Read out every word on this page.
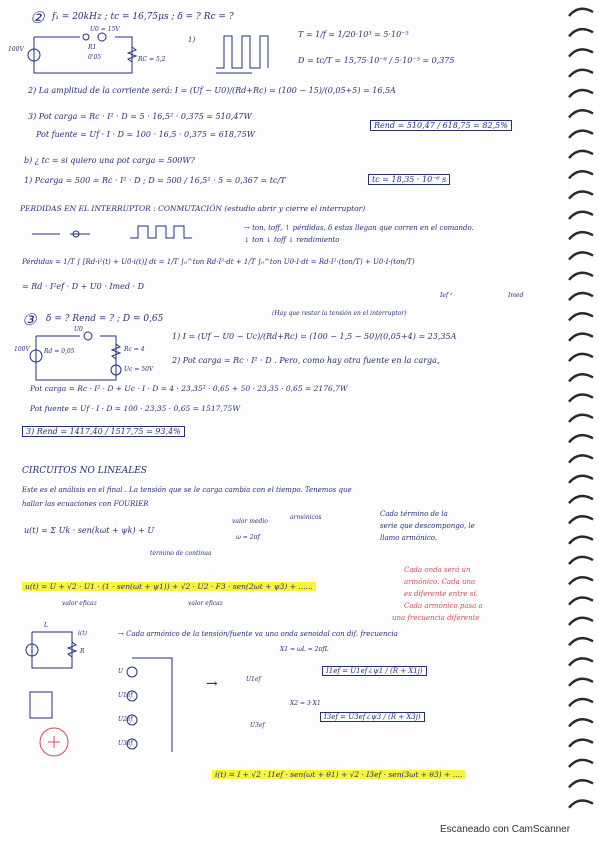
② f₁ = 20kHz ; tc = 16,75μs ; δ = ? Rc = ?
U0 = 15V
R1
0'05	RC = 5,2
100V
1)
T = 1/f = 1/20·10³ = 5·10⁻⁵
D = tc/T = 15,75·10⁻⁶ / 5·10⁻⁵ = 0,375
2) La amplitud de la corriente será: I = (Uf − U0)/(Rd+Rc) = (100 − 15)/(0,05+5) = 16,5A
3) Pot carga = Rc · I² · D = 5 · 16,5² · 0,375 = 510,47W
Pot fuente = Uf · I · D = 100 · 16,5 · 0,375 = 618,75W
Rend = 510,47 / 618,75 = 82,5%
b) ¿ tc = si quiero una pot carga = 500W?
1) Pcarga = 500 = Rc · I² · D ; D = 500 / 16,5² · 5 = 0,367 = tc/T	tc = 18,35 · 10⁻⁶ s
PERDIDAS EN EL INTERRUPTOR : CONMUTACIÓN (estudio abrir y cierre el interruptor)
→ ton, toff, ↑ pérdidas, δ estas llegan que corren en el comando.
↓ ton ↓ toff ↓ rendimiento
Pérdidas = 1/T ∫ [Rd·i²(t) + U0·i(t)] dt = 1/T ∫₀^ton Rd·I²·dt + 1/T ∫₀^ton U0·I·dt = Rd·I²·(ton/T) + U0·I·(ton/T)
= Rd · I²ef · D + U0 · Imed · D
Ief ²	Imed
③ δ = ? Rend = ? ; D = 0,65
(Hay que restar la tensión en el interruptor)
U0
100V Rd = 0,05	Rc = 4
Uc = 50V
1) I = (Uf − U0 − Uc)/(Rd+Rc) = (100 − 1,5 − 50)/(0,05+4) = 23,35A
2) Pot carga = Rc · I² · D . Pero, como hay otra fuente en la carga,
Pot carga = Rc · I² · D + Uc · I · D = 4 · 23,35² · 0,65 + 50 · 23,35 · 0,65 = 2176,7W
Pot fuente = Uf · I · D = 100 · 23,35 · 0,65 = 1517,75W
3) Rend = 1417,40 / 1517,75 = 93,4%
CIRCUITOS NO LINEALES
Este es el análisis en el final . La tensión que se le carga cambia con el tiempo. Tenemos que
hallar las ecuaciones con FOURIER
u(t) = Σ Uk · sen(kωt + ψk) + U
valor medio
armónicos
ω = 2πf
término de continua
Cada término de la
serie que descompongo, le
llamo armónico.
u(t) = U + √2 · U1 · (1 · sen(ωt + ψ1)) + √2 · U2 · F3 · sen(2ωt + ψ3) + ......
valor eficaz	valor eficaz
Cada onda será un
armónico. Cada una
es diferente entre sí.
Cada armónico pasa a
una frecuencia diferente
L
R
i(t)	→ Cada armónico de la tensión/fuente va una onda senoidal con dif. frecuencia
U
U1ef
U2ef
U3ef
→
X1 = ωL = 2πfL
U1ef
I1ef = U1ef∠ψ1 / (R + X1j)
X2 = 3·X1
U3ef
I3ef = U3ef∠ψ3 / (R + X3j)
i(t) = I + √2 · I1ef · sen(ωt + θ1) + √2 · I3ef · sen(3ωt + θ3) + ....
Escaneado con CamScanner
